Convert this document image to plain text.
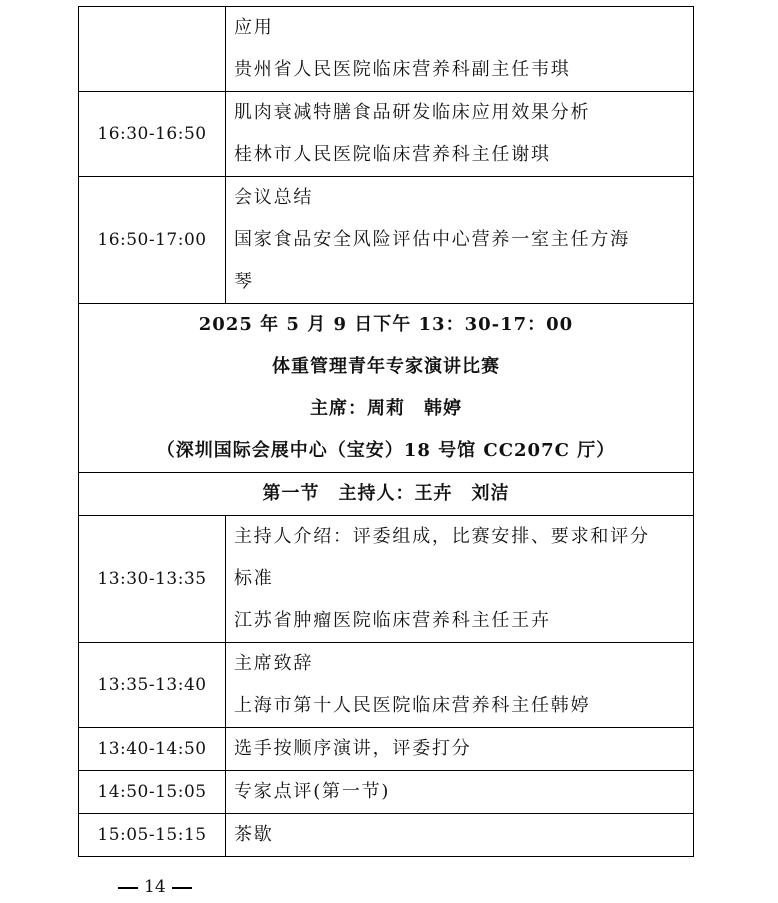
	应用
贵州省人民医院临床营养科副主任韦琪

16:30-16:50	肌肉衰减特膳食品研发临床应用效果分析
桂林市人民医院临床营养科主任谢琪

16:50-17:00	会议总结
国家食品安全风险评估中心营养一室主任方海
琴

2025 年 5 月 9 日下午 13：30-17：00
体重管理青年专家演讲比赛
主席：周莉　韩婷
（深圳国际会展中心（宝安）18 号馆 CC207C 厅）	

第一节　主持人：王卉　刘洁	

13:30-13:35	主持人介绍：评委组成，比赛安排、要求和评分
标准
江苏省肿瘤医院临床营养科主任王卉

13:35-13:40	主席致辞
上海市第十人民医院临床营养科主任韩婷

13:40-14:50	选手按顺序演讲，评委打分

14:50-15:05	专家点评(第一节)

15:05-15:15	茶歇
14
